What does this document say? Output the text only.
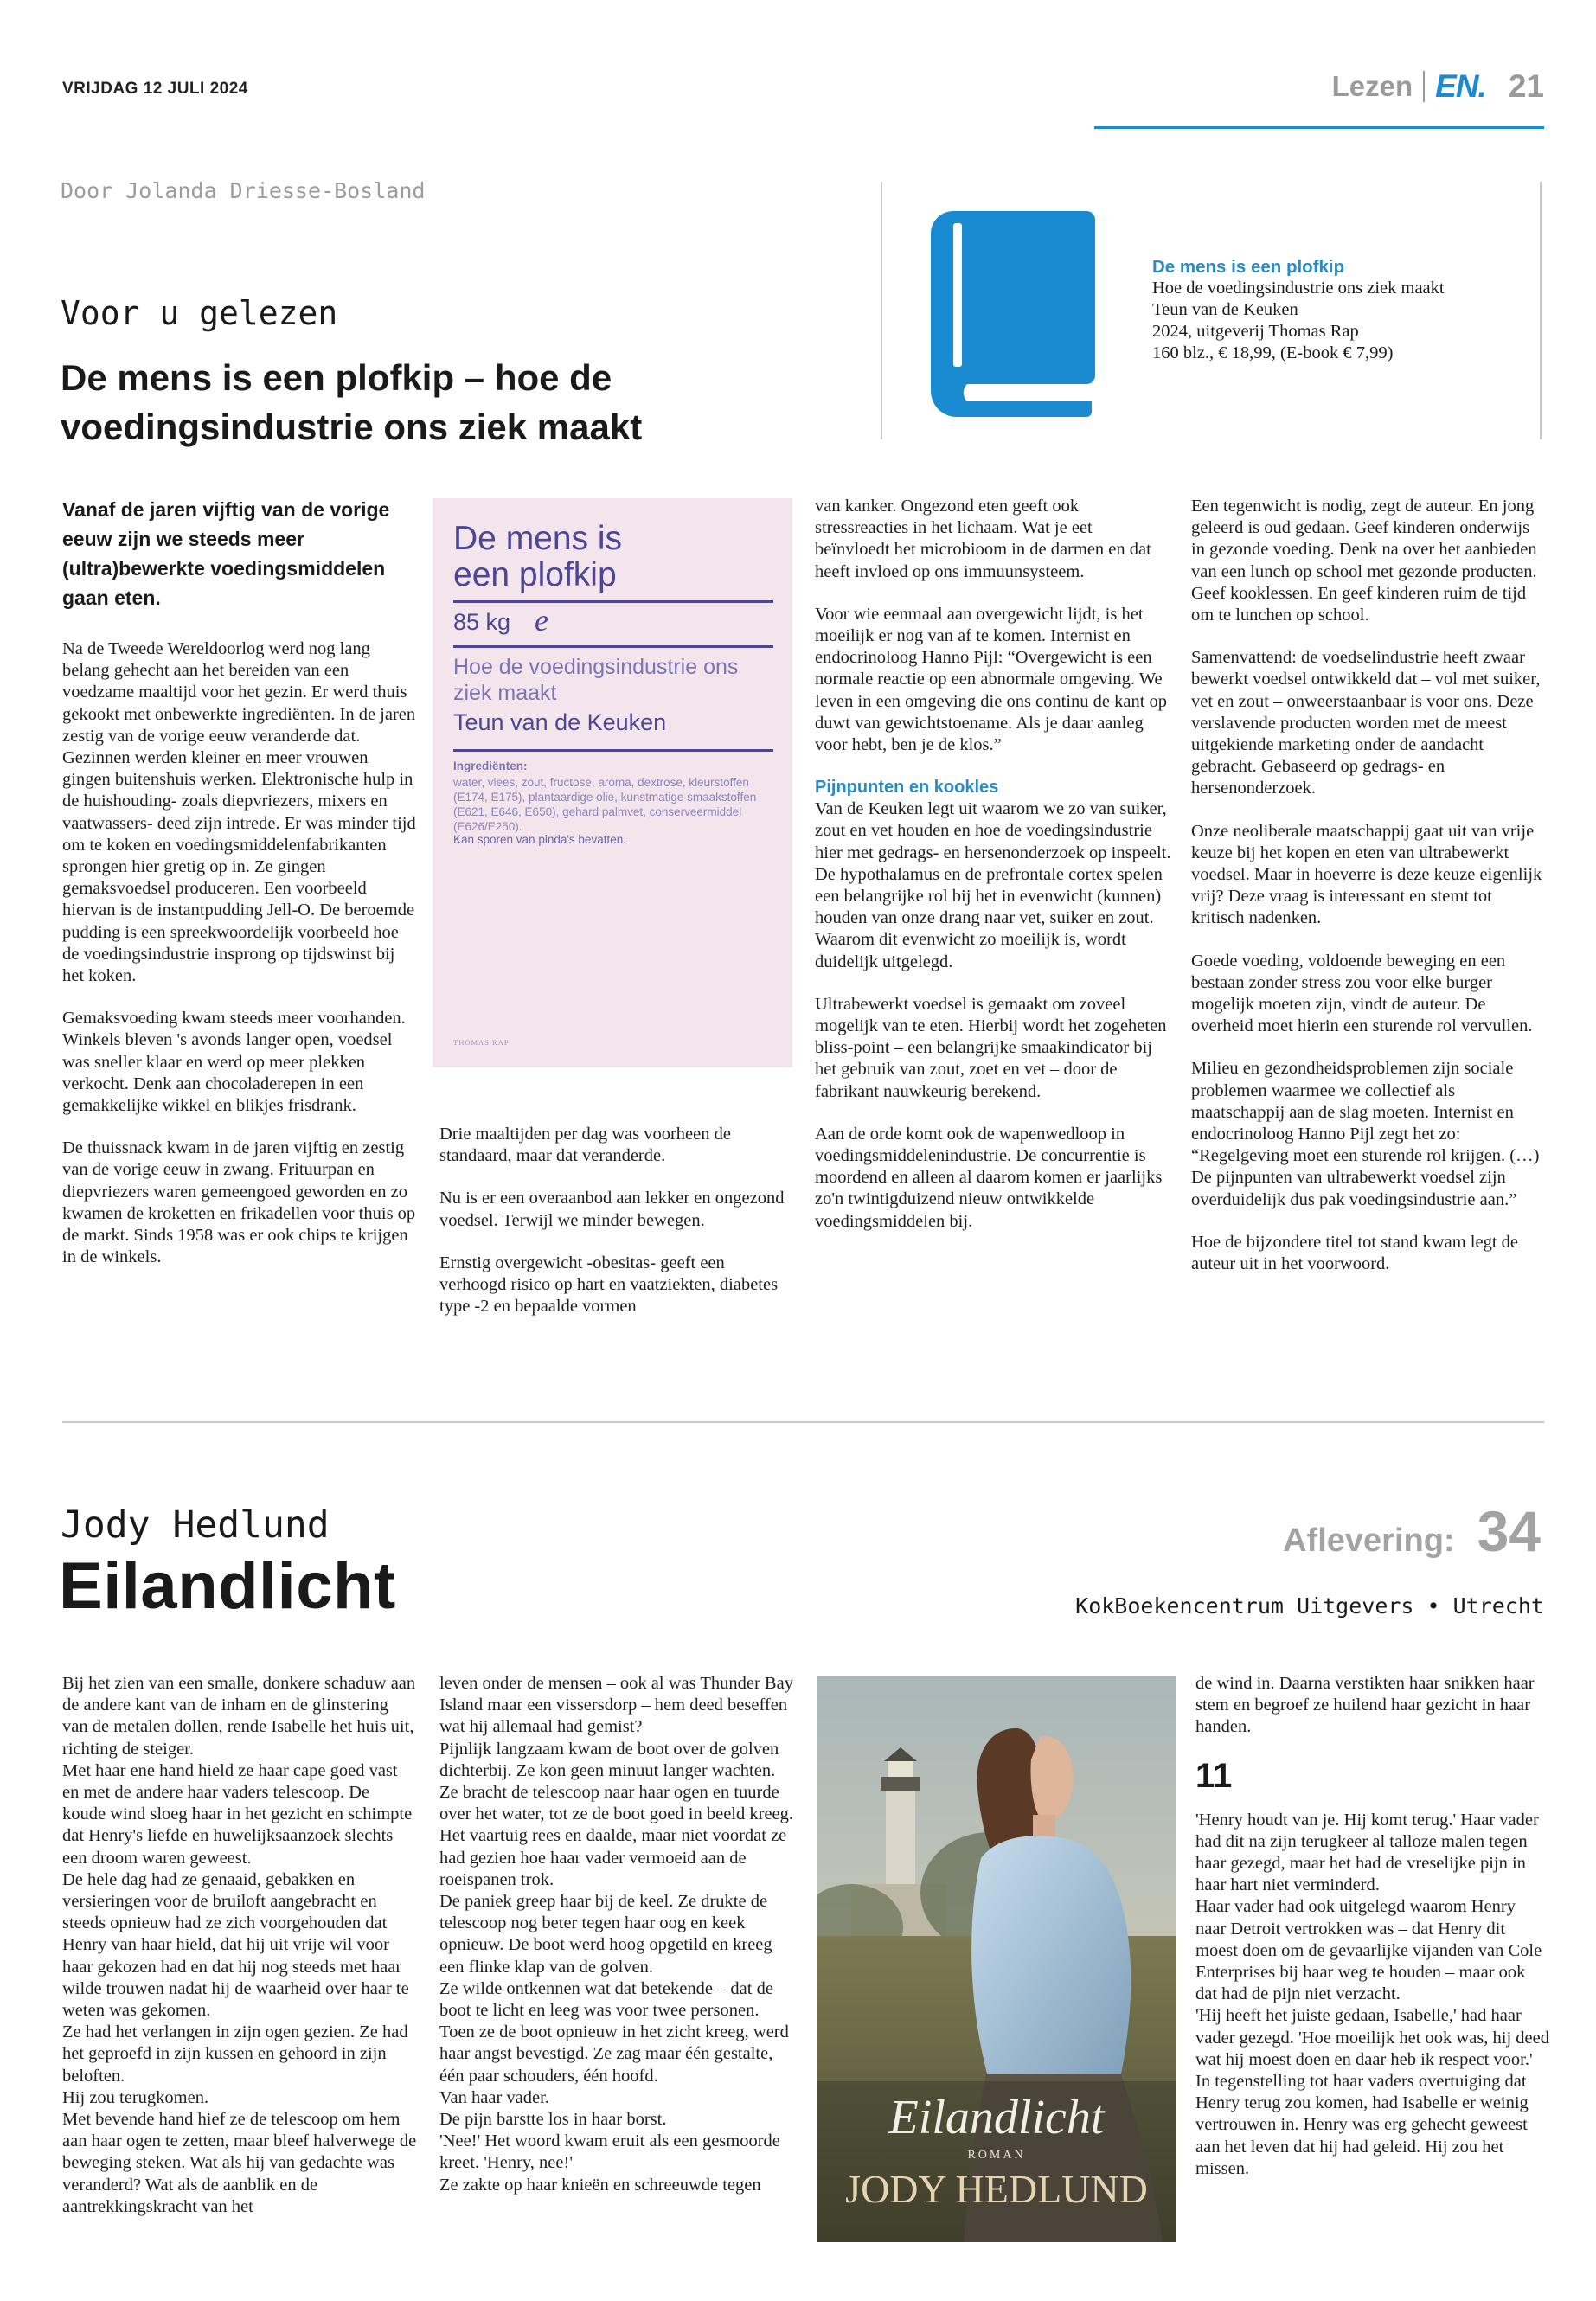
VRIJDAG 12 JULI 2024	Lezen EN. 21
Door Jolanda Driesse-Bosland
Voor u gelezen
De mens is een plofkip – hoe de voedingsindustrie ons ziek maakt
De mens is een plofkip
Hoe de voedingsindustrie ons ziek maakt
Teun van de Keuken
2024, uitgeverij Thomas Rap
160 blz., € 18,99, (E-book € 7,99)
Vanaf de jaren vijftig van de vorige eeuw zijn we steeds meer (ultra)bewerkte voedingsmiddelen gaan eten.

Na de Tweede Wereldoorlog werd nog lang belang gehecht aan het bereiden van een voedzame maaltijd voor het gezin. Er werd thuis gekookt met onbewerkte ingrediënten. In de jaren zestig van de vorige eeuw veranderde dat. Gezinnen werden kleiner en meer vrouwen gingen buitenshuis werken. Elektronische hulp in de huishouding- zoals diepvriezers, mixers en vaatwassers- deed zijn intrede. Er was minder tijd om te koken en voedingsmiddelenfabrikanten sprongen hier gretig op in. Ze gingen gemaksvoedsel produceren. Een voorbeeld hiervan is de instantpudding Jell-O. De beroemde pudding is een spreekwoordelijk voorbeeld hoe de voedingsindustrie insprong op tijdswinst bij het koken.

Gemaksvoeding kwam steeds meer voorhanden. Winkels bleven 's avonds langer open, voedsel was sneller klaar en werd op meer plekken verkocht. Denk aan chocoladerepen in een gemakkelijke wikkel en blikjes frisdrank.

De thuissnack kwam in de jaren vijftig en zestig van de vorige eeuw in zwang. Frituurpan en diepvriezers waren gemeengoed geworden en zo kwamen de kroketten en frikadellen voor thuis op de markt. Sinds 1958 was er ook chips te krijgen in de winkels.

De mens is een plofkip
85 kg e
Hoe de voedingsindustrie ons ziek maakt
Teun van de Keuken
Ingrediënten:
water, vlees, zout, fructose, aroma, dextrose, kleurstoffen (E174, E175), plantaardige olie, kunstmatige smaakstoffen (E621, E646, E650), gehard palmvet, conserveermiddel (E626/E250).
Kan sporen van pinda's bevatten.
THOMAS RAP

Drie maaltijden per dag was voorheen de standaard, maar dat veranderde.

Nu is er een overaanbod aan lekker en ongezond voedsel. Terwijl we minder bewegen.

Ernstig overgewicht -obesitas- geeft een verhoogd risico op hart en vaatziekten, diabetes type -2 en bepaalde vormen

van kanker. Ongezond eten geeft ook stressreacties in het lichaam. Wat je eet beïnvloedt het microbioom in de darmen en dat heeft invloed op ons immuunsysteem.

Voor wie eenmaal aan overgewicht lijdt, is het moeilijk er nog van af te komen. Internist en endocrinoloog Hanno Pijl: “Overgewicht is een normale reactie op een abnormale omgeving. We leven in een omgeving die ons continu de kant op duwt van gewichtstoename. Als je daar aanleg voor hebt, ben je de klos.”

Pijnpunten en kookles

Van de Keuken legt uit waarom we zo van suiker, zout en vet houden en hoe de voedingsindustrie hier met gedrags- en hersenonderzoek op inspeelt. De hypothalamus en de prefrontale cortex spelen een belangrijke rol bij het in evenwicht (kunnen) houden van onze drang naar vet, suiker en zout. Waarom dit evenwicht zo moeilijk is, wordt duidelijk uitgelegd.

Ultrabewerkt voedsel is gemaakt om zoveel mogelijk van te eten. Hierbij wordt het zogeheten bliss-point – een belangrijke smaakindicator bij het gebruik van zout, zoet en vet – door de fabrikant nauwkeurig berekend.

Aan de orde komt ook de wapenwedloop in voedingsmiddelenindustrie. De concurrentie is moordend en alleen al daarom komen er jaarlijks zo'n twintigduizend nieuw ontwikkelde voedingsmiddelen bij.

Een tegenwicht is nodig, zegt de auteur. En jong geleerd is oud gedaan. Geef kinderen onderwijs in gezonde voeding. Denk na over het aanbieden van een lunch op school met gezonde producten. Geef kooklessen. En geef kinderen ruim de tijd om te lunchen op school.

Samenvattend: de voedselindustrie heeft zwaar bewerkt voedsel ontwikkeld dat – vol met suiker, vet en zout – onweerstaanbaar is voor ons. Deze verslavende producten worden met de meest uitgekiende marketing onder de aandacht gebracht. Gebaseerd op gedrags- en hersenonderzoek.

Onze neoliberale maatschappij gaat uit van vrije keuze bij het kopen en eten van ultrabewerkt voedsel. Maar in hoeverre is deze keuze eigenlijk vrij? Deze vraag is interessant en stemt tot kritisch nadenken.

Goede voeding, voldoende beweging en een bestaan zonder stress zou voor elke burger mogelijk moeten zijn, vindt de auteur. De overheid moet hierin een sturende rol vervullen.

Milieu en gezondheidsproblemen zijn sociale problemen waarmee we collectief als maatschappij aan de slag moeten. Internist en endocrinoloog Hanno Pijl zegt het zo: “Regelgeving moet een sturende rol krijgen. (…) De pijnpunten van ultrabewerkt voedsel zijn overduidelijk dus pak voedingsindustrie aan.”

Hoe de bijzondere titel tot stand kwam legt de auteur uit in het voorwoord.

Jody Hedlund
Eilandlicht
Aflevering: 34
KokBoekencentrum Uitgevers • Utrecht

Bij het zien van een smalle, donkere schaduw aan de andere kant van de inham en de glinstering van de metalen dollen, rende Isabelle het huis uit, richting de steiger.
Met haar ene hand hield ze haar cape goed vast en met de andere haar vaders telescoop. De koude wind sloeg haar in het gezicht en schimpte dat Henry's liefde en huwelijksaanzoek slechts een droom waren geweest.
De hele dag had ze genaaid, gebakken en versieringen voor de bruiloft aangebracht en steeds opnieuw had ze zich voorgehouden dat Henry van haar hield, dat hij uit vrije wil voor haar gekozen had en dat hij nog steeds met haar wilde trouwen nadat hij de waarheid over haar te weten was gekomen.
Ze had het verlangen in zijn ogen gezien. Ze had het geproefd in zijn kussen en gehoord in zijn beloften.
Hij zou terugkomen.
Met bevende hand hief ze de telescoop om hem aan haar ogen te zetten, maar bleef halverwege de beweging steken. Wat als hij van gedachte was veranderd? Wat als de aanblik en de aantrekkingskracht van het

leven onder de mensen – ook al was Thunder Bay Island maar een vissersdorp – hem deed beseffen wat hij allemaal had gemist?
Pijnlijk langzaam kwam de boot over de golven dichterbij. Ze kon geen minuut langer wachten. Ze bracht de telescoop naar haar ogen en tuurde over het water, tot ze de boot goed in beeld kreeg.
Het vaartuig rees en daalde, maar niet voordat ze had gezien hoe haar vader vermoeid aan de roeispanen trok.
De paniek greep haar bij de keel. Ze drukte de telescoop nog beter tegen haar oog en keek opnieuw. De boot werd hoog opgetild en kreeg een flinke klap van de golven.
Ze wilde ontkennen wat dat betekende – dat de boot te licht en leeg was voor twee personen. Toen ze de boot opnieuw in het zicht kreeg, werd haar angst bevestigd. Ze zag maar één gestalte, één paar schouders, één hoofd.
Van haar vader.
De pijn barstte los in haar borst.
'Nee!' Het woord kwam eruit als een gesmoorde kreet. 'Henry, nee!'
Ze zakte op haar knieën en schreeuwde tegen

Eilandlicht
ROMAN
JODY HEDLUND

de wind in. Daarna verstikten haar snikken haar stem en begroef ze huilend haar gezicht in haar handen.

11

'Henry houdt van je. Hij komt terug.' Haar vader had dit na zijn terugkeer al talloze malen tegen haar gezegd, maar het had de vreselijke pijn in haar hart niet verminderd.
Haar vader had ook uitgelegd waarom Henry naar Detroit vertrokken was – dat Henry dit moest doen om de gevaarlijke vijanden van Cole Enterprises bij haar weg te houden – maar ook dat had de pijn niet verzacht.
'Hij heeft het juiste gedaan, Isabelle,' had haar vader gezegd. 'Hoe moeilijk het ook was, hij deed wat hij moest doen en daar heb ik respect voor.'
In tegenstelling tot haar vaders overtuiging dat Henry terug zou komen, had Isabelle er weinig vertrouwen in. Henry was erg gehecht geweest aan het leven dat hij had geleid. Hij zou het missen.
